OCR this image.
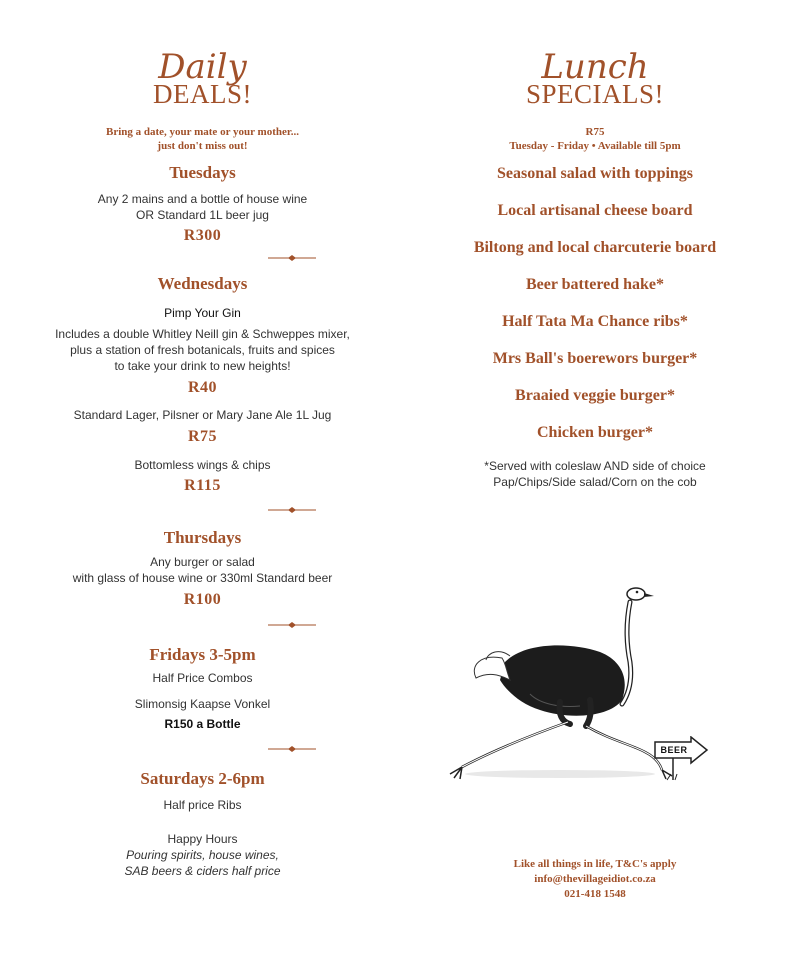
Daily
DEALS!
Bring a date, your mate or your mother...
just don't miss out!
Tuesdays
Any 2 mains and a bottle of house wine
OR Standard 1L beer jug
R300
Wednesdays
Pimp Your Gin
Includes a double Whitley Neill gin & Schweppes mixer,
plus a station of fresh botanicals, fruits and spices
to take your drink to new heights!
R40
Standard Lager, Pilsner or Mary Jane Ale 1L Jug
R75
Bottomless wings & chips
R115
Thursdays
Any burger or salad
with glass of house wine or 330ml Standard beer
R100
Fridays 3-5pm
Half Price Combos
Slimonsig Kaapse Vonkel
R150 a Bottle
Saturdays 2-6pm
Half price Ribs
Happy Hours
Pouring spirits, house wines,
SAB beers & ciders half price
Lunch
SPECIALS!
R75
Tuesday - Friday • Available till 5pm
Seasonal salad with toppings
Local artisanal cheese board
Biltong and local charcuterie board
Beer battered hake*
Half Tata Ma Chance ribs*
Mrs Ball's boerewors burger*
Braaied veggie burger*
Chicken burger*
*Served with coleslaw AND side of choice
Pap/Chips/Side salad/Corn on the cob
BEER
Like all things in life, T&C's apply
info@thevillageidiot.co.za
021-418 1548
